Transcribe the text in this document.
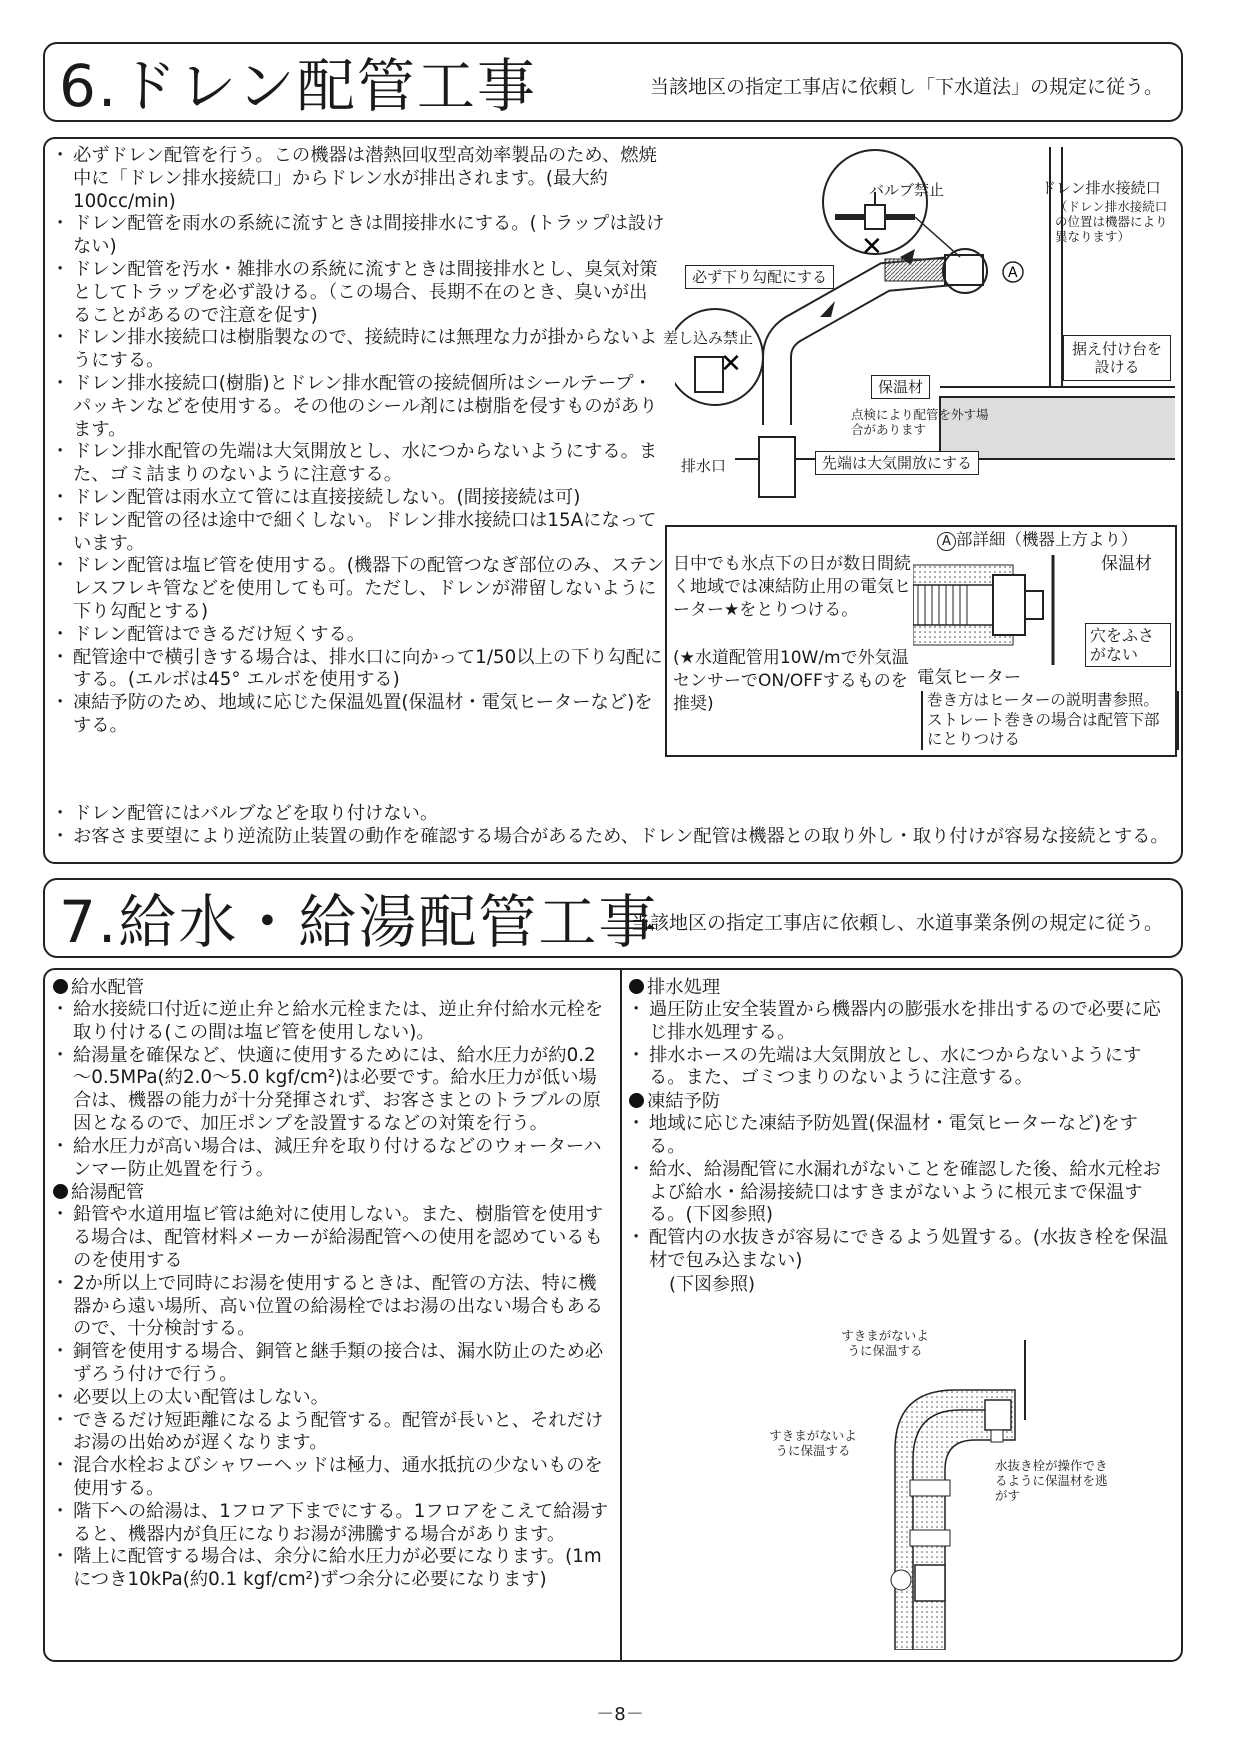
6.ドレン配管工事	当該地区の指定工事店に依頼し「下水道法」の規定に従う。
・ 必ずドレン配管を行う。この機器は潜熱回収型高効率製品のため、燃焼中に「ドレン排水接続口」からドレン水が排出されます。(最大約100cc/min)
・ ドレン配管を雨水の系統に流すときは間接排水にする。(トラップは設けない)
・ ドレン配管を汚水・雑排水の系統に流すときは間接排水とし、臭気対策としてトラップを必ず設ける。（この場合、長期不在のとき、臭いが出ることがあるので注意を促す)
・ ドレン排水接続口は樹脂製なので、接続時には無理な力が掛からないようにする。
・ ドレン排水接続口(樹脂)とドレン排水配管の接続個所はシールテープ・パッキンなどを使用する。その他のシール剤には樹脂を侵すものがあります。
・ ドレン排水配管の先端は大気開放とし、水につからないようにする。また、ゴミ詰まりのないように注意する。
・ ドレン配管は雨水立て管には直接接続しない。(間接接続は可)
・ ドレン配管の径は途中で細くしない。ドレン排水接続口は15Aになっています。
・ ドレン配管は塩ビ管を使用する。(機器下の配管つなぎ部位のみ、ステンレスフレキ管などを使用しても可。ただし、ドレンが滞留しないように下り勾配とする)
・ ドレン配管はできるだけ短くする。
・ 配管途中で横引きする場合は、排水口に向かって1/50以上の下り勾配にする。(エルボは45° エルボを使用する)
・ 凍結予防のため、地域に応じた保温処置(保温材・電気ヒーターなど)をする。
・ ドレン配管にはバルブなどを取り付けない。
・ お客さま要望により逆流防止装置の動作を確認する場合があるため、ドレン配管は機器との取り外し・取り付けが容易な接続とする。
A
✕
✕
バルブ禁止	ドレン排水接続口
（ドレン排水接続口の位置は機器により異なります）
必ず下り勾配にする
差し込み禁止
保温材
点検により配管を外す場合があります
据え付け台を設ける
排水口	先端は大気開放にする
A 部詳細（機器上方より）
日中でも氷点下の日が数日間続く地域では凍結防止用の電気ヒーター★をとりつける。
(★水道配管用10W/mで外気温センサーでON/OFFするものを推奨)
保温材
穴をふさがない
電気ヒーター
巻き方はヒーターの説明書参照。ストレート巻きの場合は配管下部にとりつける
7.給水・給湯配管工事
当該地区の指定工事店に依頼し、水道事業条例の規定に従う。
給水配管
・ 給水接続口付近に逆止弁と給水元栓または、逆止弁付給水元栓を取り付ける(この間は塩ビ管を使用しない)。
・ 給湯量を確保など、快適に使用するためには、給水圧力が約0.2～0.5MPa(約2.0～5.0 kgf/cm²)は必要です。給水圧力が低い場合は、機器の能力が十分発揮されず、お客さまとのトラブルの原因となるので、加圧ポンプを設置するなどの対策を行う。
・ 給水圧力が高い場合は、減圧弁を取り付けるなどのウォーターハンマー防止処置を行う。
給湯配管
・ 鉛管や水道用塩ビ管は絶対に使用しない。また、樹脂管を使用する場合は、配管材料メーカーが給湯配管への使用を認めているものを使用する
・ 2か所以上で同時にお湯を使用するときは、配管の方法、特に機器から遠い場所、高い位置の給湯栓ではお湯の出ない場合もあるので、十分検討する。
・ 銅管を使用する場合、銅管と継手類の接合は、漏水防止のため必ずろう付けで行う。
・ 必要以上の太い配管はしない。
・ できるだけ短距離になるよう配管する。配管が長いと、それだけお湯の出始めが遅くなります。
・ 混合水栓およびシャワーヘッドは極力、通水抵抗の少ないものを使用する。
・ 階下への給湯は、1フロア下までにする。1フロアをこえて給湯すると、機器内が負圧になりお湯が沸騰する場合があります。
・ 階上に配管する場合は、余分に給水圧力が必要になります。(1mにつき10kPa(約0.1 kgf/cm²)ずつ余分に必要になります)
排水処理
・ 過圧防止安全装置から機器内の膨張水を排出するので必要に応じ排水処理する。
・ 排水ホースの先端は大気開放とし、水につからないようにする。また、ゴミつまりのないように注意する。
凍結予防
・ 地域に応じた凍結予防処置(保温材・電気ヒーターなど)をする。
・ 給水、給湯配管に水漏れがないことを確認した後、給水元栓および給水・給湯接続口はすきまがないように根元まで保温する。(下図参照)
・ 配管内の水抜きが容易にできるよう処置する。(水抜き栓を保温材で包み込まない)
(下図参照)
すきまがないように保温する
すきまがないように保温する
水抜き栓が操作できるように保温材を逃がす
－8－
